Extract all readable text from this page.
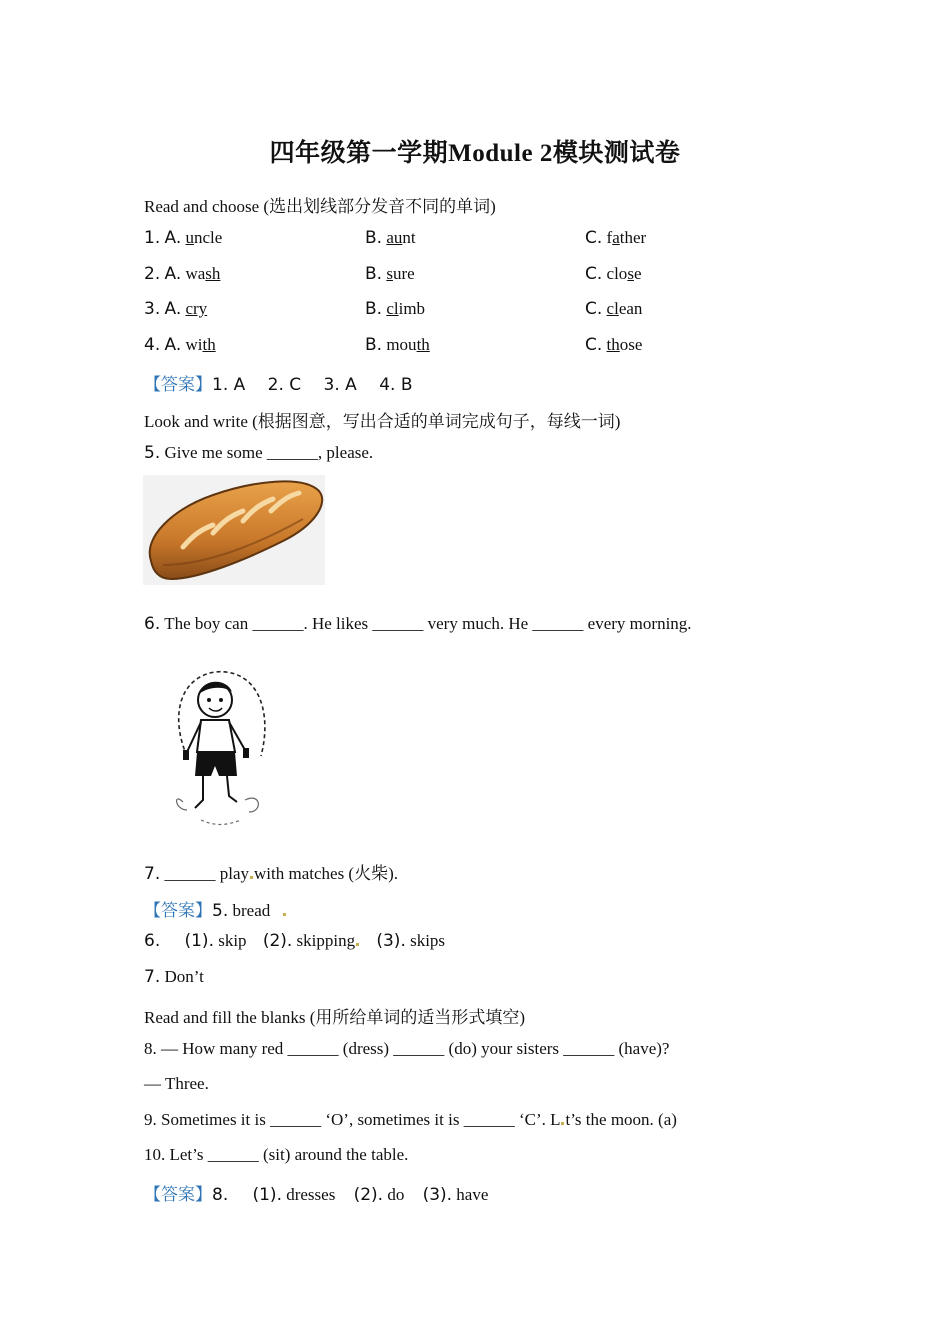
四年级第一学期Module 2模块测试卷
Read and choose (选出划线部分发音不同的单词)
1. A. uncle	B. aunt	C. father
2. A. wash	B. sure	C. close
3. A. cry	B. climb	C. clean
4. A. with	B. mouth	C. those
【答案】1. A　 2. C　 3. A　 4. B
Look and write (根据图意，写出合适的单词完成句子，每线一词)
5. Give me some ______, please.
6. The boy can ______. He likes ______ very much. He ______ every morning.
7. ______ play with matches (火柴).
【答案】5. bread
6. (1). skip (2). skipping (3). skips
7. Don’t
Read and fill the blanks (用所给单词的适当形式填空)
8. — How many red ______ (dress) ______ (do) your sisters ______ (have)?
— Three.
9. Sometimes it is ______ ‘O’, sometimes it is ______ ‘C’. L t’s the moon. (a)
10. Let’s ______ (sit) around the table.
【答案】8. (1). dresses (2). do (3). have
